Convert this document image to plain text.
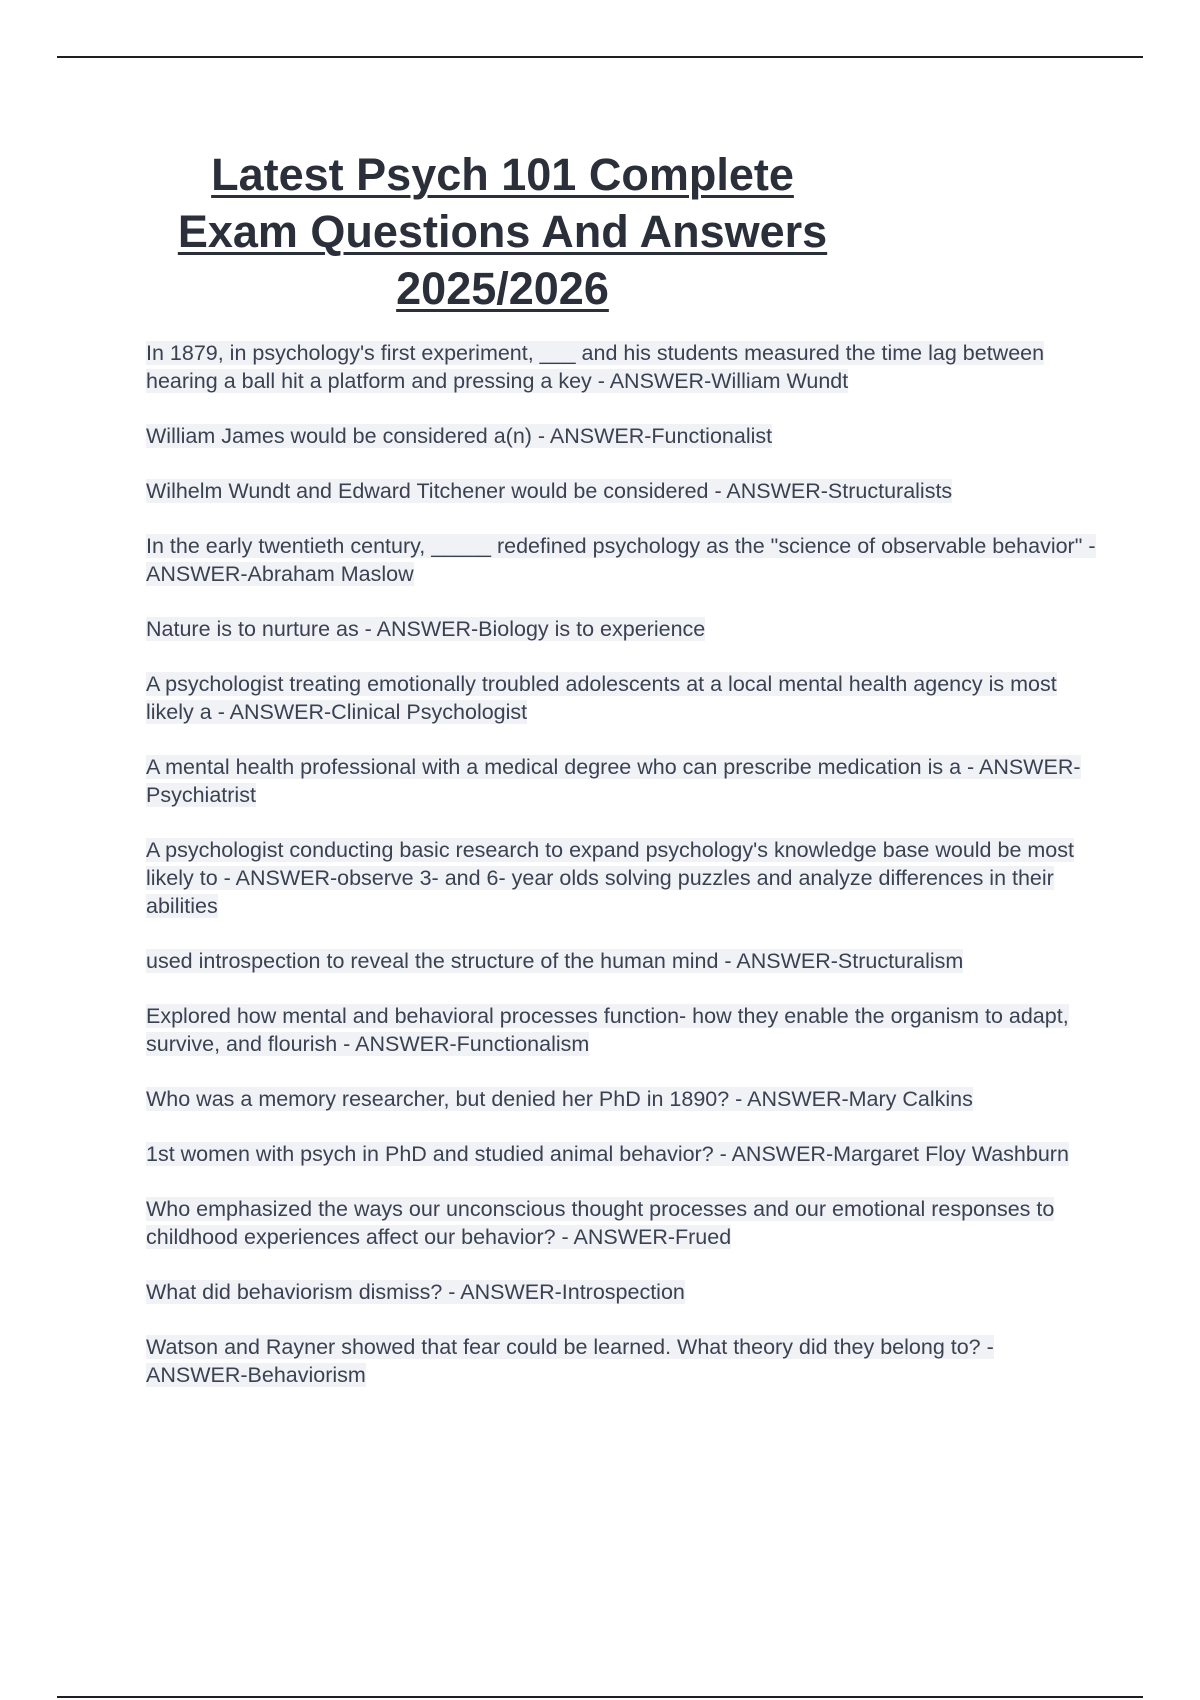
Latest Psych 101 Complete
Exam Questions And Answers
2025/2026

In 1879, in psychology's first experiment, ___ and his students measured the time lag between hearing a ball hit a platform and pressing a key - ANSWER-William Wundt

William James would be considered a(n) - ANSWER-Functionalist

Wilhelm Wundt and Edward Titchener would be considered - ANSWER-Structuralists

In the early twentieth century, _____ redefined psychology as the "science of observable behavior" - ANSWER-Abraham Maslow

Nature is to nurture as - ANSWER-Biology is to experience

A psychologist treating emotionally troubled adolescents at a local mental health agency is most likely a - ANSWER-Clinical Psychologist

A mental health professional with a medical degree who can prescribe medication is a - ANSWER-Psychiatrist

A psychologist conducting basic research to expand psychology's knowledge base would be most likely to - ANSWER-observe 3- and 6- year olds solving puzzles and analyze differences in their abilities

used introspection to reveal the structure of the human mind - ANSWER-Structuralism

Explored how mental and behavioral processes function- how they enable the organism to adapt, survive, and flourish - ANSWER-Functionalism

Who was a memory researcher, but denied her PhD in 1890? - ANSWER-Mary Calkins

1st women with psych in PhD and studied animal behavior? - ANSWER-Margaret Floy Washburn

Who emphasized the ways our unconscious thought processes and our emotional responses to childhood experiences affect our behavior? - ANSWER-Frued

What did behaviorism dismiss? - ANSWER-Introspection

Watson and Rayner showed that fear could be learned. What theory did they belong to? - ANSWER-Behaviorism
